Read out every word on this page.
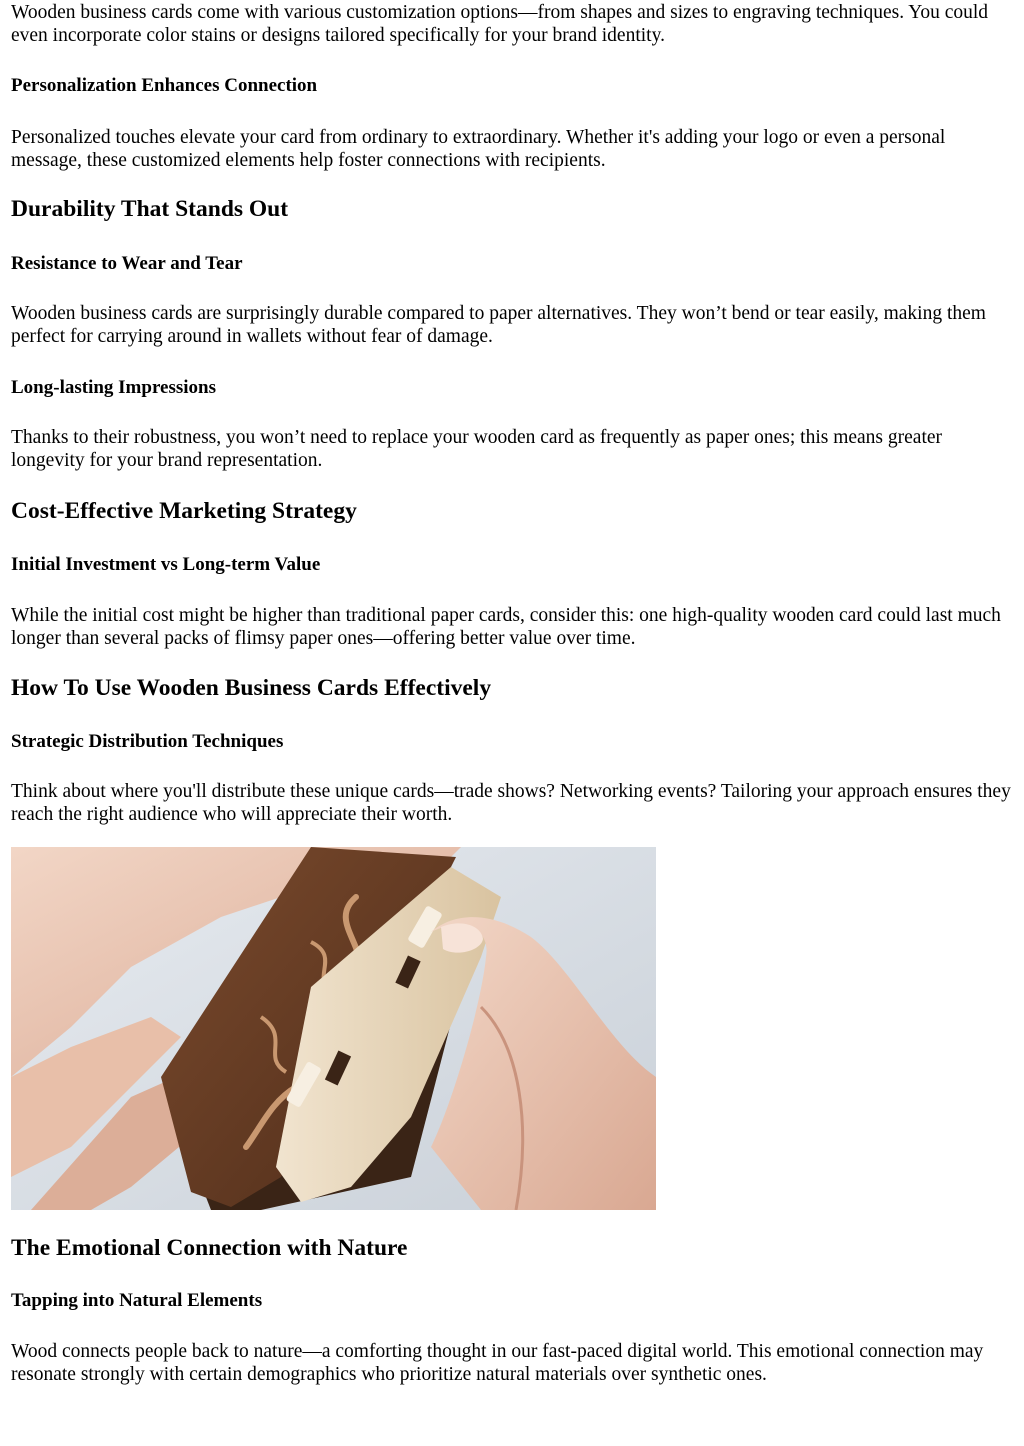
Wooden business cards come with various customization options—from shapes and sizes to engraving techniques. You could even incorporate color stains or designs tailored specifically for your brand identity.

Personalization Enhances Connection

Personalized touches elevate your card from ordinary to extraordinary. Whether it's adding your logo or even a personal message, these customized elements help foster connections with recipients.

Durability That Stands Out
Resistance to Wear and Tear

Wooden business cards are surprisingly durable compared to paper alternatives. They won’t bend or tear easily, making them perfect for carrying around in wallets without fear of damage.

Long-lasting Impressions

Thanks to their robustness, you won’t need to replace your wooden card as frequently as paper ones; this means greater longevity for your brand representation.

Cost-Effective Marketing Strategy
Initial Investment vs Long-term Value

While the initial cost might be higher than traditional paper cards, consider this: one high-quality wooden card could last much longer than several packs of flimsy paper ones—offering better value over time.

How To Use Wooden Business Cards Effectively
Strategic Distribution Techniques

Think about where you'll distribute these unique cards—trade shows? Networking events? Tailoring your approach ensures they reach the right audience who will appreciate their worth.

The Emotional Connection with Nature
Tapping into Natural Elements

Wood connects people back to nature—a comforting thought in our fast-paced digital world. This emotional connection may resonate strongly with certain demographics who prioritize natural materials over synthetic ones.
